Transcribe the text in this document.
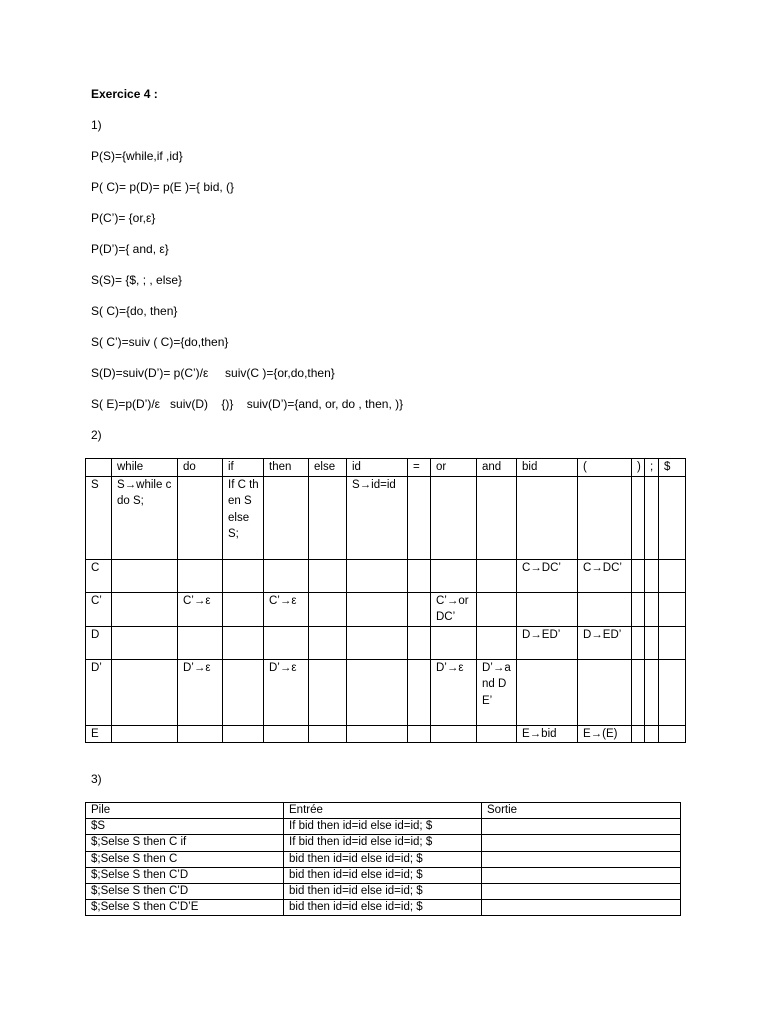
Exercice 4 :
1)
P(S)={while,if ,id}
P( C)= p(D)= p(E )={ bid, (}
P(C’)= {or,ε}
P(D’)={ and, ε}
S(S)= {$, ; , else}
S( C)={do, then}
S( C’)=suiv ( C)={do,then}
S(D)=suiv(D’)= p(C’)/ε     suiv(C )={or,do,then}
S( E)=p(D’)/ε   suiv(D)    {)}    suiv(D’)={and, or, do , then, )}
2)
	while	do	if	then	else	id	=	or	and	bid	(	)	;	$
S	S→while c do S;		If C then S else S;			S→id=id								
C										C→DC’	C→DC’			
C’		C’→ε		C’→ε				C’→or DC’						
D										D→ED’	D→ED’			
D’		D’→ε		D’→ε				D’→ε	D’→and DE’					
E										E→bid	E→(E)			
3)
Pile	Entrée	Sortie
$S	If bid then id=id else id=id; $	
$;Selse S then C if	If bid then id=id else id=id; $	
$;Selse S then C	bid then id=id else id=id; $	
$;Selse S then C’D	bid then id=id else id=id; $	
$;Selse S then C’D	bid then id=id else id=id; $	
$;Selse S then C’D’E	bid then id=id else id=id; $	
